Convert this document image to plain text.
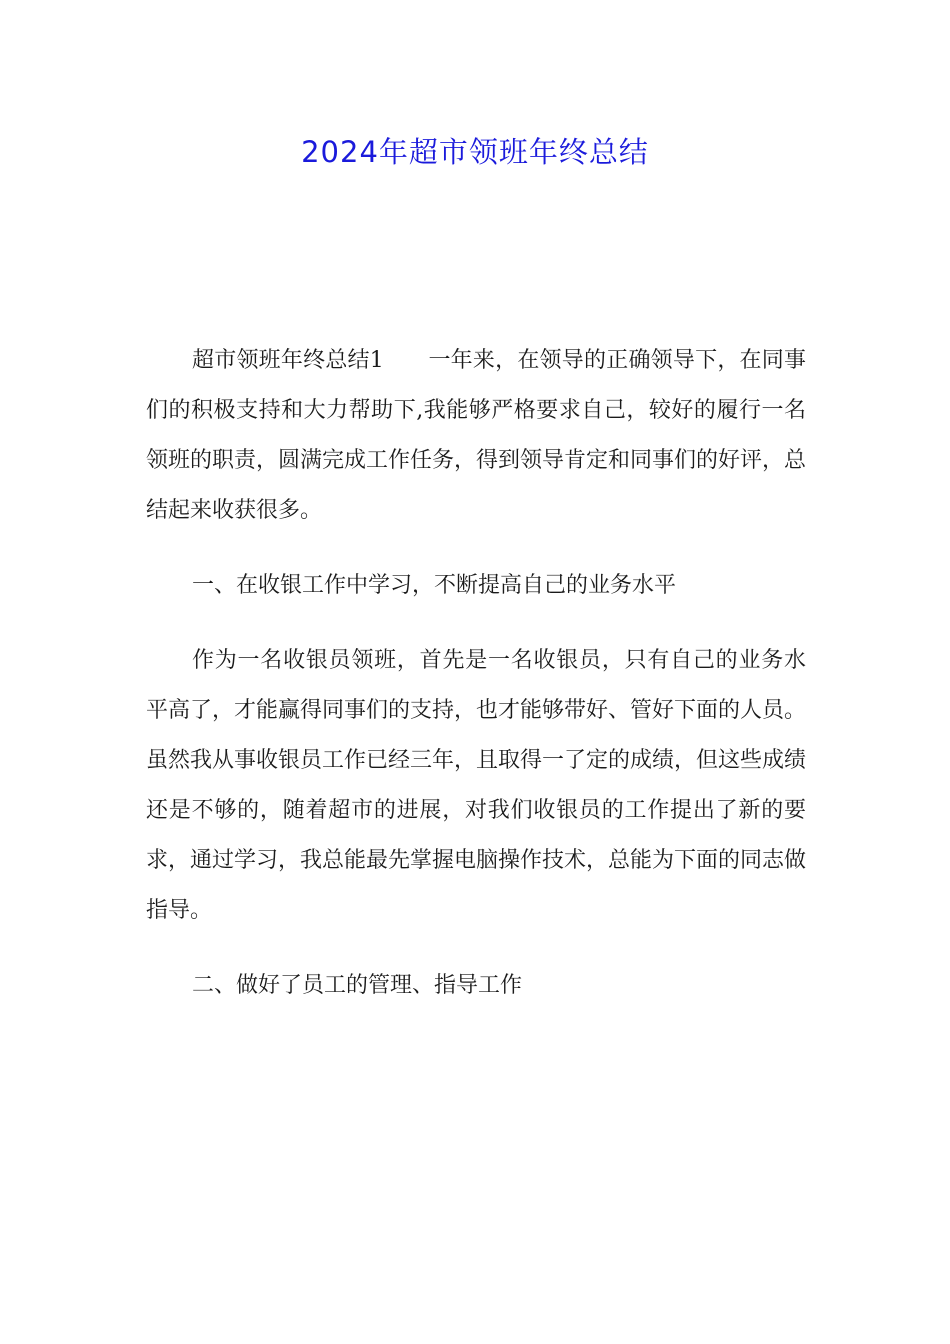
2024年超市领班年终总结

超市领班年终总结1　　一年来，在领导的正确领导下，在同事们的积极支持和大力帮助下,我能够严格要求自己，较好的履行一名领班的职责，圆满完成工作任务，得到领导肯定和同事们的好评，总结起来收获很多。

一、在收银工作中学习，不断提高自己的业务水平

作为一名收银员领班，首先是一名收银员，只有自己的业务水平高了，才能赢得同事们的支持，也才能够带好、管好下面的人员。虽然我从事收银员工作已经三年，且取得一了定的成绩，但这些成绩还是不够的，随着超市的进展，对我们收银员的工作提出了新的要求，通过学习，我总能最先掌握电脑操作技术，总能为下面的同志做指导。

二、做好了员工的管理、指导工作
